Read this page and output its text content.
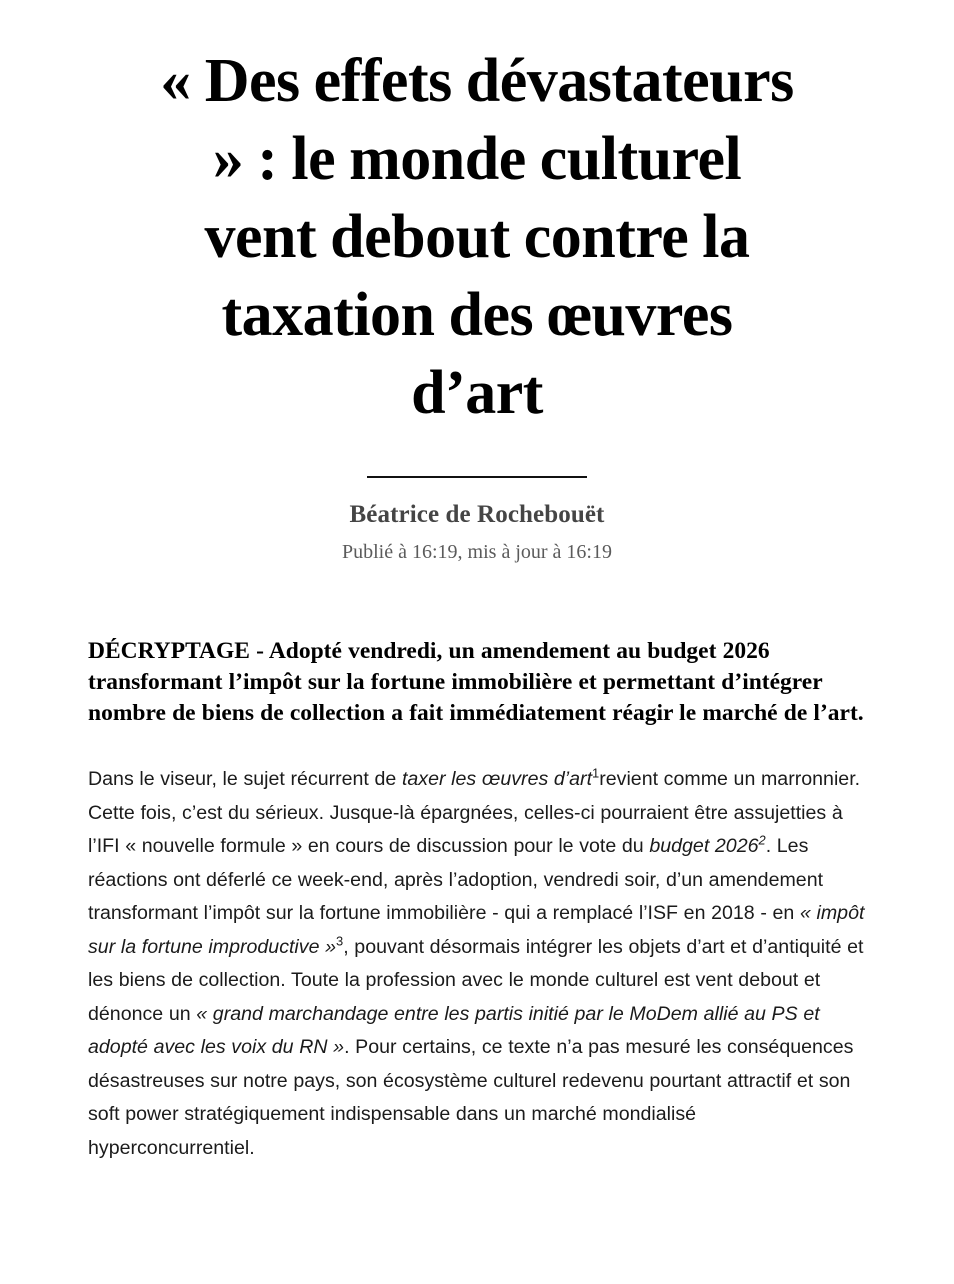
« Des effets dévastateurs » : le monde culturel vent debout contre la taxation des œuvres d’art
Béatrice de Rochebouët
Publié à 16:19, mis à jour à 16:19

DÉCRYPTAGE - Adopté vendredi, un amendement au budget 2026 transformant l’impôt sur la fortune immobilière et permettant d’intégrer nombre de biens de collection a fait immédiatement réagir le marché de l’art.

Dans le viseur, le sujet récurrent de taxer les œuvres d’art$^1$revient comme un marronnier. Cette fois, c’est du sérieux. Jusque-là épargnées, celles-ci pourraient être assujetties à l’IFI « nouvelle formule » en cours de discussion pour le vote du budget 2026$^2$. Les réactions ont déferlé ce week-end, après l’adoption, vendredi soir, d’un amendement transformant l’impôt sur la fortune immobilière - qui a remplacé l’ISF en 2018 - en « impôt sur la fortune improductive »$^3$, pouvant désormais intégrer les objets d’art et d’antiquité et les biens de collection. Toute la profession avec le monde culturel est vent debout et dénonce un « grand marchandage entre les partis initié par le MoDem allié au PS et adopté avec les voix du RN ». Pour certains, ce texte n’a pas mesuré les conséquences désastreuses sur notre pays, son écosystème culturel redevenu pourtant attractif et son soft power stratégiquement indispensable dans un marché mondialisé hyperconcurrentiel.
